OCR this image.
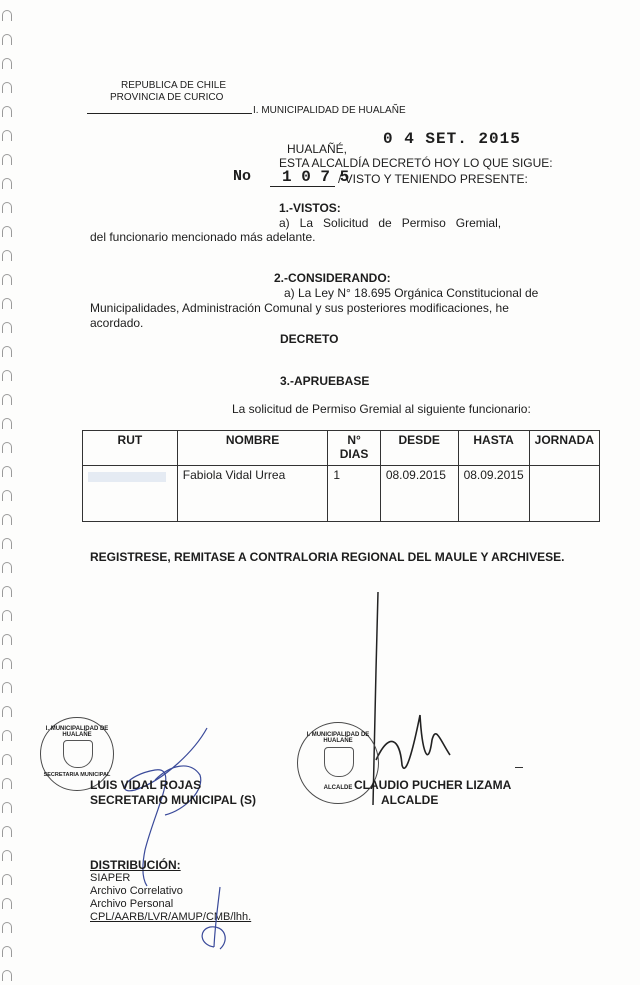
REPUBLICA DE CHILE
PROVINCIA DE CURICO
I. MUNICIPALIDAD DE HUALAÑE
HUALAÑÉ,
0 4 SET. 2015
ESTA ALCALDÍA DECRETÓ HOY LO QUE SIGUE:
No 1 0 7 5
/ VISTO Y TENIENDO PRESENTE:
1.-VISTOS:
a)   La   Solicitud   de   Permiso   Gremial,
del funcionario mencionado más adelante.
2.-CONSIDERANDO:
a) La Ley N° 18.695 Orgánica Constitucional de
Municipalidades, Administración Comunal y sus posteriores modificaciones, he
acordado.
DECRETO
3.-APRUEBASE
La solicitud de Permiso Gremial al siguiente funcionario:
RUT	NOMBRE	N° DIAS	DESDE	HASTA	JORNADA

	Fabiola Vidal Urrea	1	08.09.2015	08.09.2015	
REGISTRESE, REMITASE A CONTRALORIA REGIONAL DEL MAULE Y ARCHIVESE.
I. MUNICIPALIDAD DE HUALAÑE
SECRETARIA MUNICIPAL
I. MUNICIPALIDAD DE HUALAÑE
ALCALDE
LUIS VIDAL ROJAS
SECRETARIO MUNICIPAL (S)
CLAUDIO PUCHER LIZAMA
ALCALDE
DISTRIBUCIÓN:
SIAPER
Archivo Correlativo
Archivo Personal
CPL/AARB/LVR/AMUP/CMB/lhh.
